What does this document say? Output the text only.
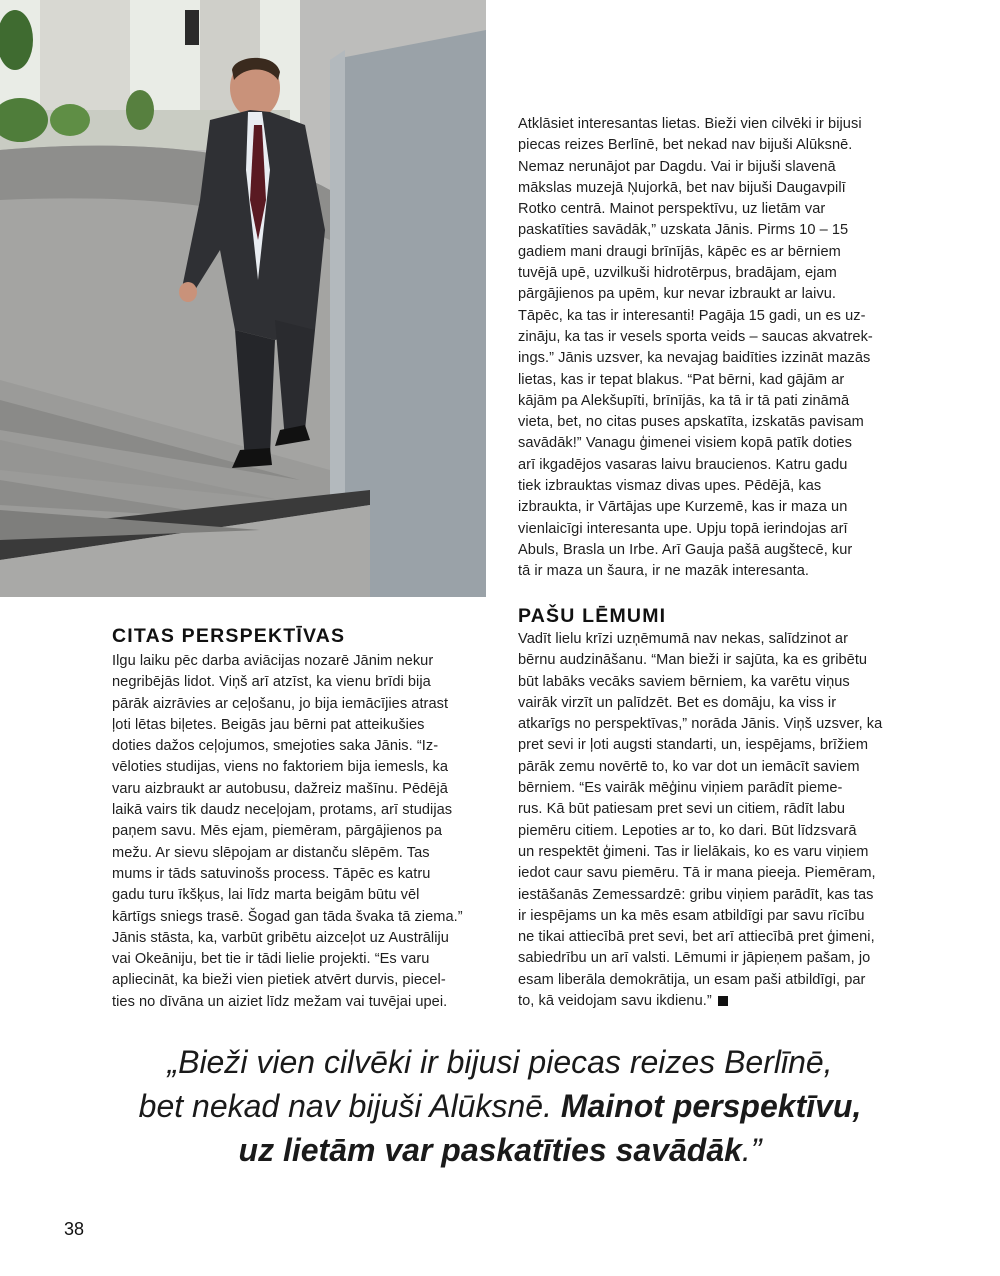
Atklāsiet interesantas lietas. Bieži vien cilvēki ir bijusi

piecas reizes Berlīnē, bet nekad nav bijuši Alūksnē.

Nemaz nerunājot par Dagdu. Vai ir bijuši slavenā

mākslas muzejā Ņujorkā, bet nav bijuši Daugavpilī

Rotko centrā. Mainot perspektīvu, uz lietām var

paskatīties savādāk,” uzskata Jānis. Pirms 10 – 15

gadiem mani draugi brīnījās, kāpēc es ar bērniem

tuvējā upē, uzvilkuši hidrotērpus, bradājam, ejam

pārgājienos pa upēm, kur nevar izbraukt ar laivu.

Tāpēc, ka tas ir interesanti! Pagāja 15 gadi, un es uz-

zināju, ka tas ir vesels sporta veids – saucas akvatrek-

ings.” Jānis uzsver, ka nevajag baidīties izzināt mazās

lietas, kas ir tepat blakus. “Pat bērni, kad gājām ar

kājām pa Alekšupīti, brīnījās, ka tā ir tā pati zināmā

vieta, bet, no citas puses apskatīta, izskatās pavisam

savādāk!” Vanagu ģimenei visiem kopā patīk doties

arī ikgadējos vasaras laivu braucienos. Katru gadu

tiek izbrauktas vismaz divas upes. Pēdējā, kas

izbraukta, ir Vārtājas upe Kurzemē, kas ir maza un

vienlaicīgi interesanta upe. Upju topā ierindojas arī

Abuls, Brasla un Irbe. Arī Gauja pašā augštecē, kur

tā ir maza un šaura, ir ne mazāk interesanta.

PAŠU LĒMUMI

Vadīt lielu krīzi uzņēmumā nav nekas, salīdzinot ar

bērnu audzināšanu. “Man bieži ir sajūta, ka es gribētu

būt labāks vecāks saviem bērniem, ka varētu viņus

vairāk virzīt un palīdzēt. Bet es domāju, ka viss ir

atkarīgs no perspektīvas,” norāda Jānis. Viņš uzsver, ka

pret sevi ir ļoti augsti standarti, un, iespējams, brīžiem

pārāk zemu novērtē to, ko var dot un iemācīt saviem

bērniem. “Es vairāk mēģinu viņiem parādīt pieme-

rus. Kā būt patiesam pret sevi un citiem, rādīt labu

piemēru citiem. Lepoties ar to, ko dari. Būt līdzsvarā

un respektēt ģimeni. Tas ir lielākais, ko es varu viņiem

iedot caur savu piemēru. Tā ir mana pieeja. Piemēram,

iestāšanās Zemessardzē: gribu viņiem parādīt, kas tas

ir iespējams un ka mēs esam atbildīgi par savu rīcību

ne tikai attiecībā pret sevi, bet arī attiecībā pret ģimeni,

sabiedrību un arī valsti. Lēmumi ir jāpieņem pašam, jo

esam liberāla demokrātija, un esam paši atbildīgi, par

to, kā veidojam savu ikdienu.”

CITAS PERSPEKTĪVAS

Ilgu laiku pēc darba aviācijas nozarē Jānim nekur

negribējās lidot. Viņš arī atzīst, ka vienu brīdi bija

pārāk aizrāvies ar ceļošanu, jo bija iemācījies atrast

ļoti lētas biļetes. Beigās jau bērni pat atteikušies

doties dažos ceļojumos, smejoties saka Jānis. “Iz-

vēloties studijas, viens no faktoriem bija iemesls, ka

varu aizbraukt ar autobusu, dažreiz mašīnu. Pēdējā

laikā vairs tik daudz neceļojam, protams, arī studijas

paņem savu. Mēs ejam, piemēram, pārgājienos pa

mežu. Ar sievu slēpojam ar distanču slēpēm. Tas

mums ir tāds satuvinošs process. Tāpēc es katru

gadu turu īkšķus, lai līdz marta beigām būtu vēl

kārtīgs sniegs trasē. Šogad gan tāda švaka tā ziema.”

Jānis stāsta, ka, varbūt gribētu aizceļot uz Austrāliju

vai Okeāniju, bet tie ir tādi lielie projekti. “Es varu

apliecināt, ka bieži vien pietiek atvērt durvis, piecel-

ties no dīvāna un aiziet līdz mežam vai tuvējai upei.

„Bieži vien cilvēki ir bijusi piecas reizes Berlīnē,
bet nekad nav bijuši Alūksnē. Mainot perspektīvu,
uz lietām var paskatīties savādāk.”
38
